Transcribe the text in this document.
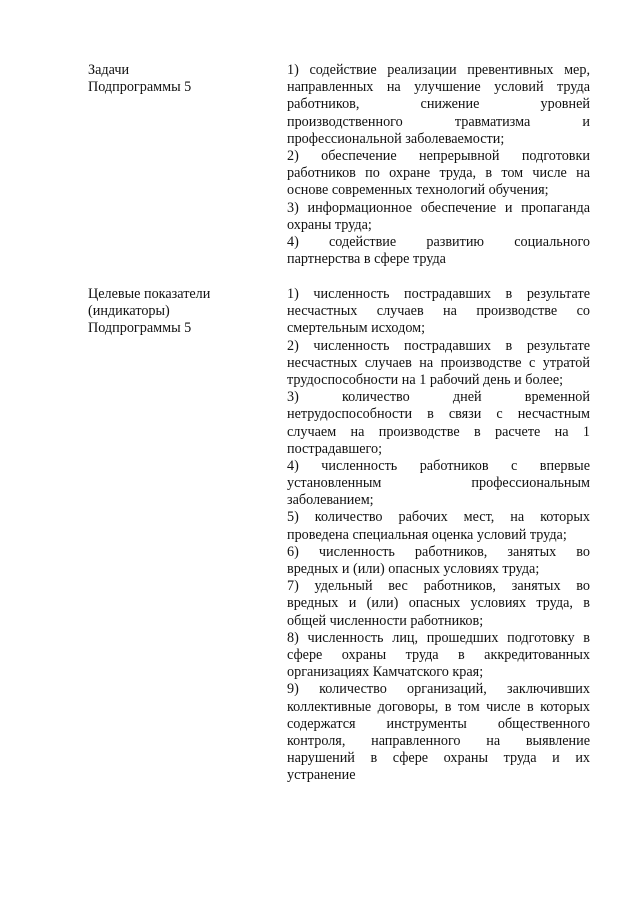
Задачи
Подпрограммы 5
1) содействие реализации превентивных мер,
направленных на улучшение условий труда
работников, снижение уровней
производственного травматизма и
профессиональной заболеваемости;
2) обеспечение непрерывной подготовки
работников по охране труда, в том числе на
основе современных технологий обучения;
3) информационное обеспечение и пропаганда
охраны труда;
4) содействие развитию социального
партнерства в сфере труда
Целевые показатели
(индикаторы)
Подпрограммы 5
1) численность пострадавших в результате
несчастных случаев на производстве со
смертельным исходом;
2) численность пострадавших в результате
несчастных случаев на производстве с утратой
трудоспособности на 1 рабочий день и более;
3) количество дней временной
нетрудоспособности в связи с несчастным
случаем на производстве в расчете на 1
пострадавшего;
4) численность работников с впервые
установленным профессиональным
заболеванием;
5) количество рабочих мест, на которых
проведена специальная оценка условий труда;
6) численность работников, занятых во
вредных и (или) опасных условиях труда;
7) удельный вес работников, занятых во
вредных и (или) опасных условиях труда, в
общей численности работников;
8) численность лиц, прошедших подготовку в
сфере охраны труда в аккредитованных
организациях Камчатского края;
9) количество организаций, заключивших
коллективные договоры, в том числе в которых
содержатся инструменты общественного
контроля, направленного на выявление
нарушений в сфере охраны труда и их
устранение
